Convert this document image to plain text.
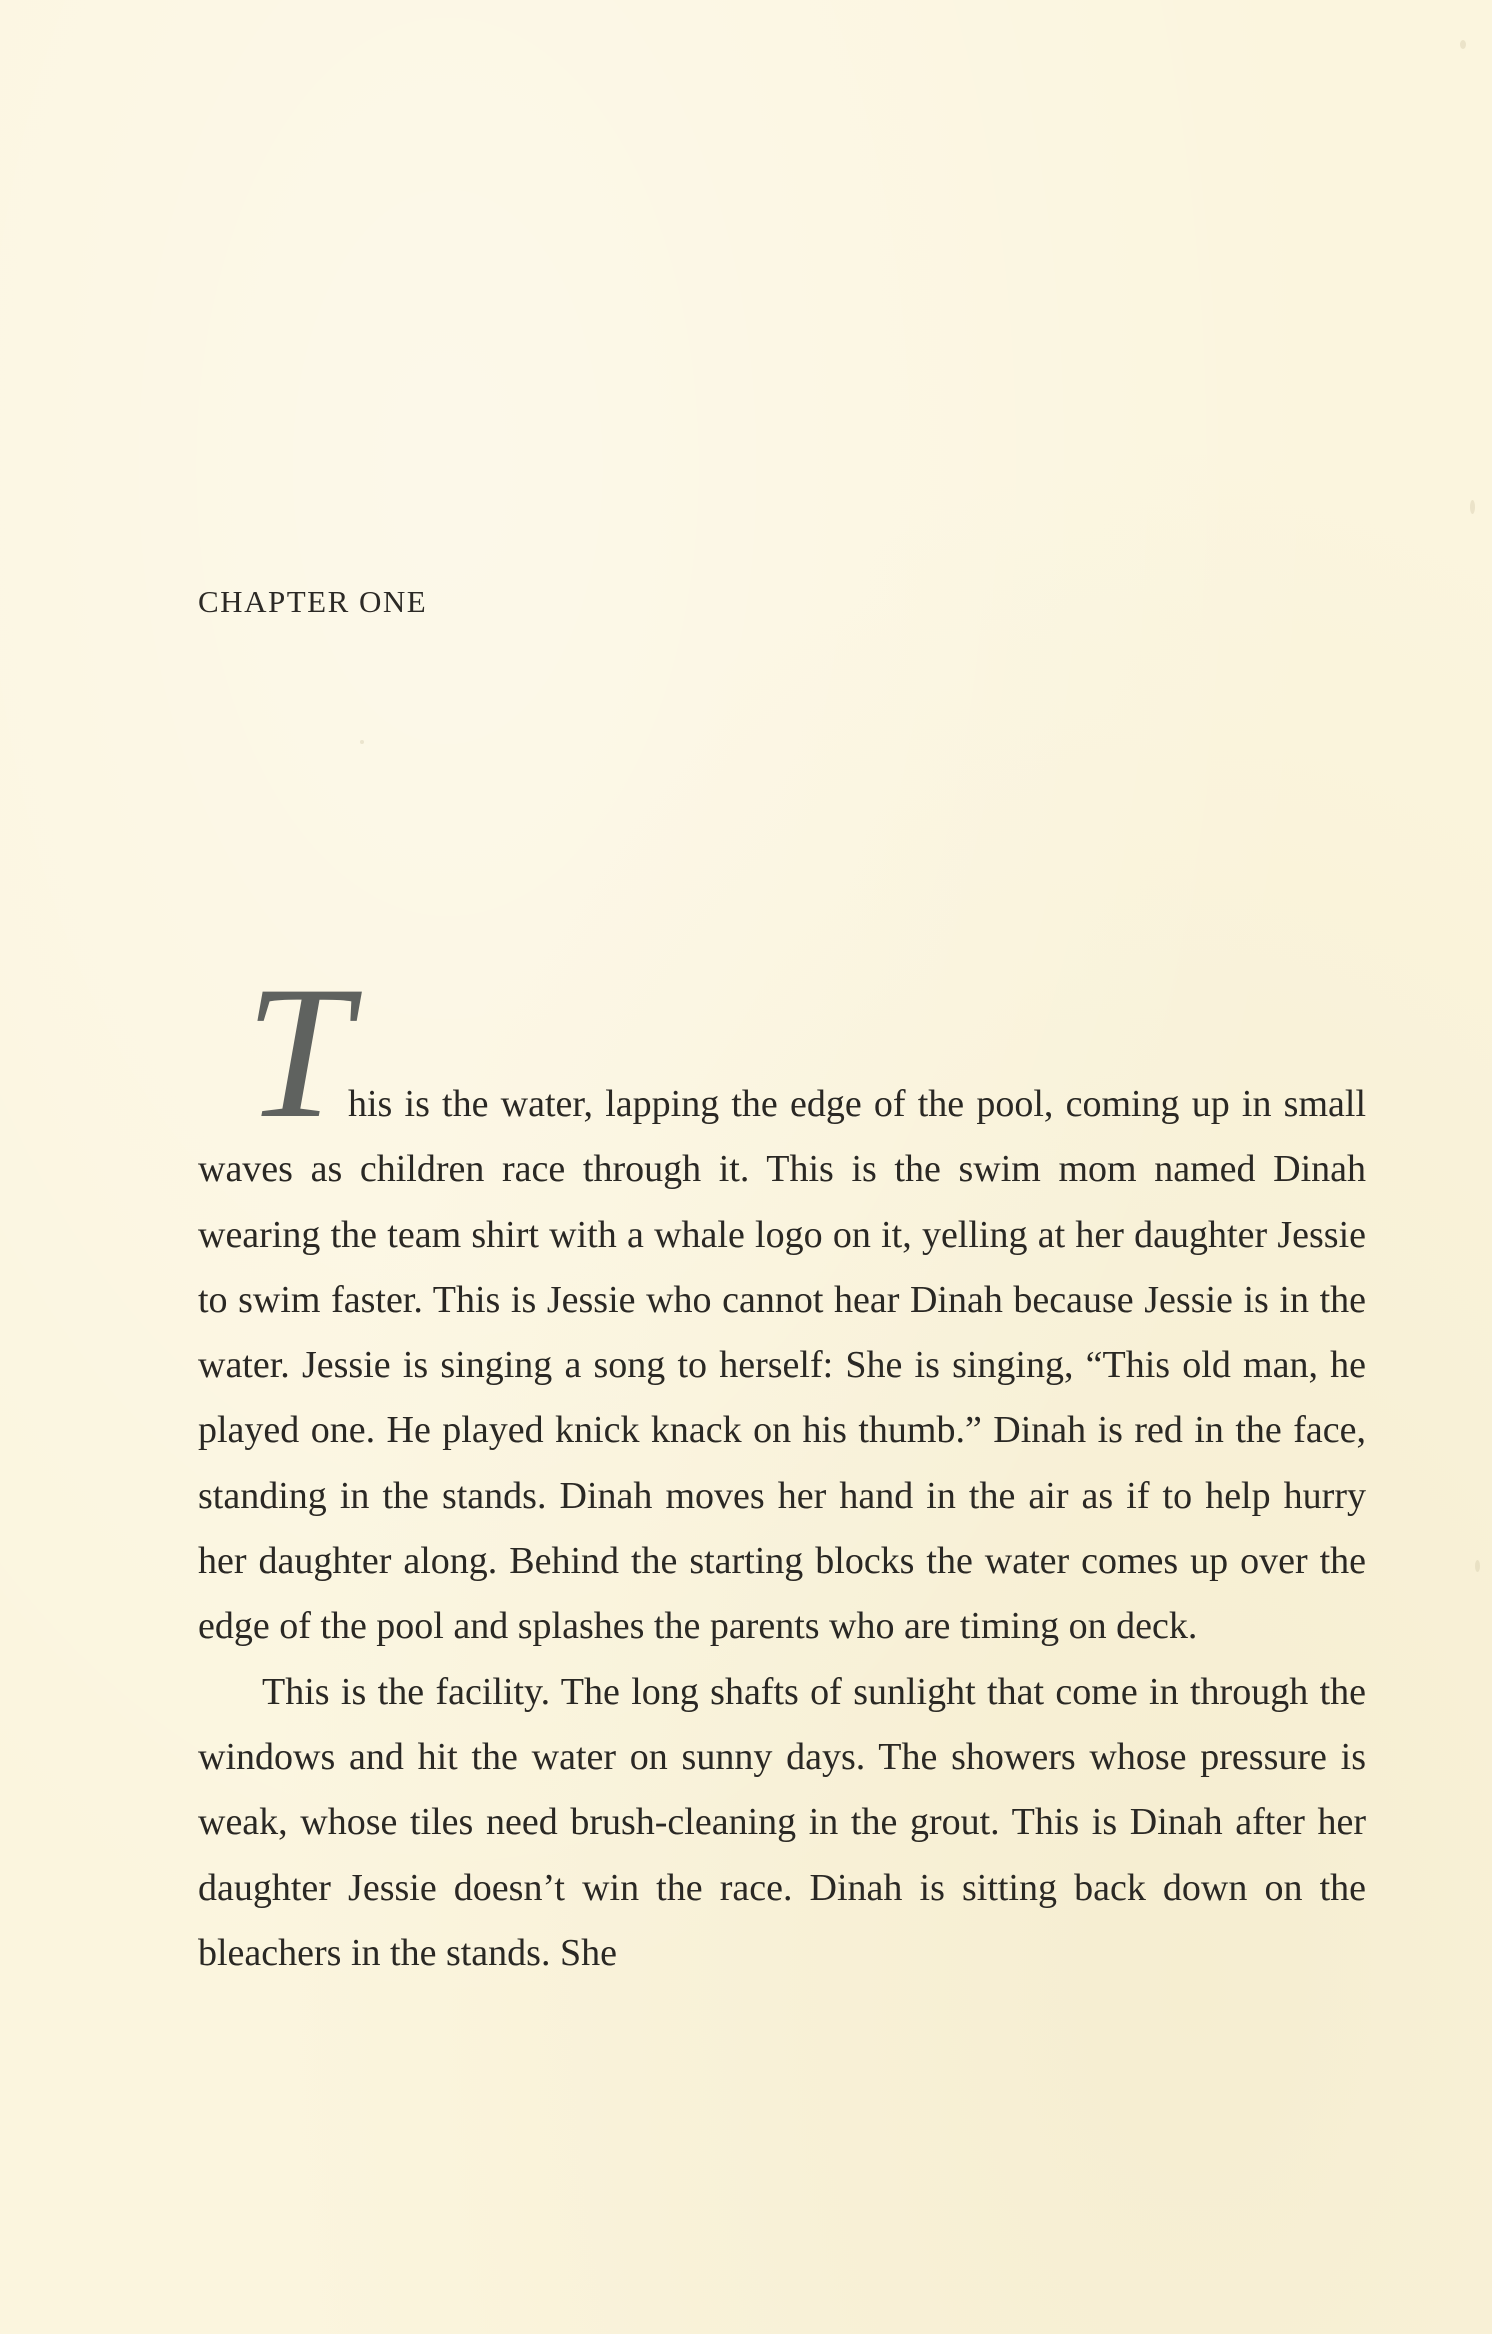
CHAPTER ONE
T

his is the water, lapping the edge of the pool, coming up in small waves as children race through it. This is the swim mom named Dinah wearing the team shirt with a whale logo on it, yelling at her daughter Jessie to swim faster. This is Jessie who cannot hear Dinah because Jessie is in the water. Jessie is singing a song to herself: She is singing, “This old man, he played one. He played knick knack on his thumb.” Dinah is red in the face, standing in the stands. Dinah moves her hand in the air as if to help hurry her daughter along. Behind the starting blocks the water comes up over the edge of the pool and splashes the parents who are timing on deck.

This is the facility. The long shafts of sunlight that come in through the windows and hit the water on sunny days. The showers whose pressure is weak, whose tiles need brush-cleaning in the grout. This is Dinah after her daughter Jessie doesn’t win the race. Dinah is sitting back down on the bleachers in the stands. She
